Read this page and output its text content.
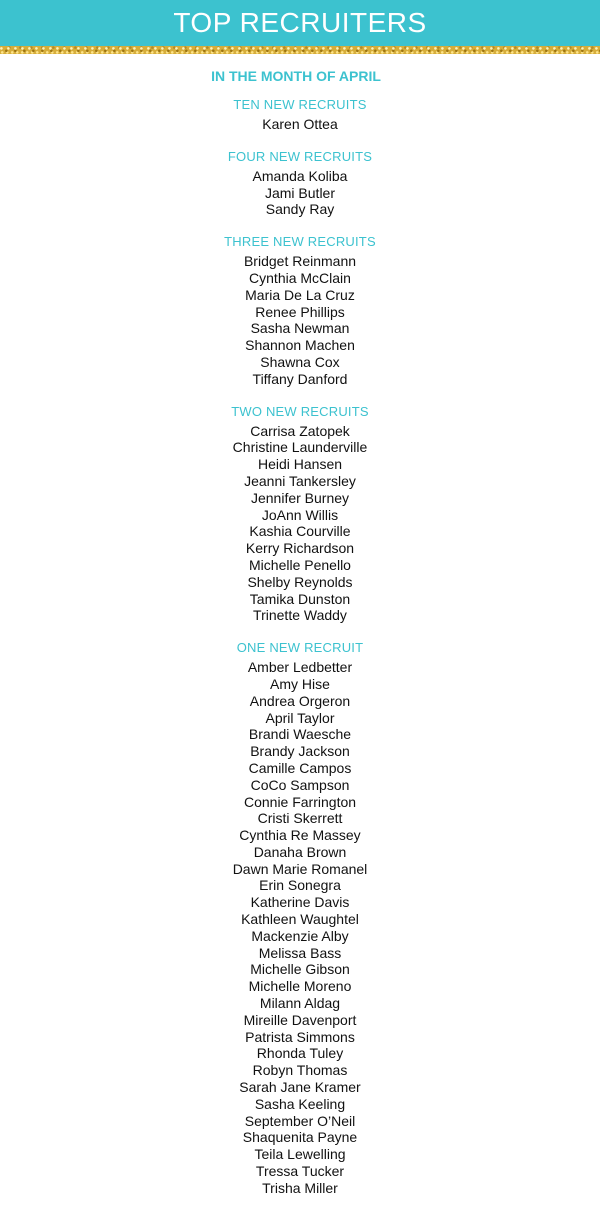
TOP RECRUITERS
IN THE MONTH OF APRIL
TEN NEW RECRUITS
Karen Ottea
FOUR NEW RECRUITS
Amanda Koliba
Jami Butler
Sandy Ray
THREE NEW RECRUITS
Bridget Reinmann
Cynthia McClain
Maria De La Cruz
Renee Phillips
Sasha Newman
Shannon Machen
Shawna Cox
Tiffany Danford
TWO NEW RECRUITS
Carrisa Zatopek
Christine Launderville
Heidi Hansen
Jeanni Tankersley
Jennifer Burney
JoAnn Willis
Kashia Courville
Kerry Richardson
Michelle Penello
Shelby Reynolds
Tamika Dunston
Trinette Waddy
ONE NEW RECRUIT
Amber Ledbetter
Amy Hise
Andrea Orgeron
April Taylor
Brandi Waesche
Brandy Jackson
Camille Campos
CoCo Sampson
Connie Farrington
Cristi Skerrett
Cynthia Re Massey
Danaha Brown
Dawn Marie Romanel
Erin Sonegra
Katherine Davis
Kathleen Waughtel
Mackenzie Alby
Melissa Bass
Michelle Gibson
Michelle Moreno
Milann Aldag
Mireille Davenport
Patrista Simmons
Rhonda Tuley
Robyn Thomas
Sarah Jane Kramer
Sasha Keeling
September O’Neil
Shaquenita Payne
Teila Lewelling
Tressa Tucker
Trisha Miller
